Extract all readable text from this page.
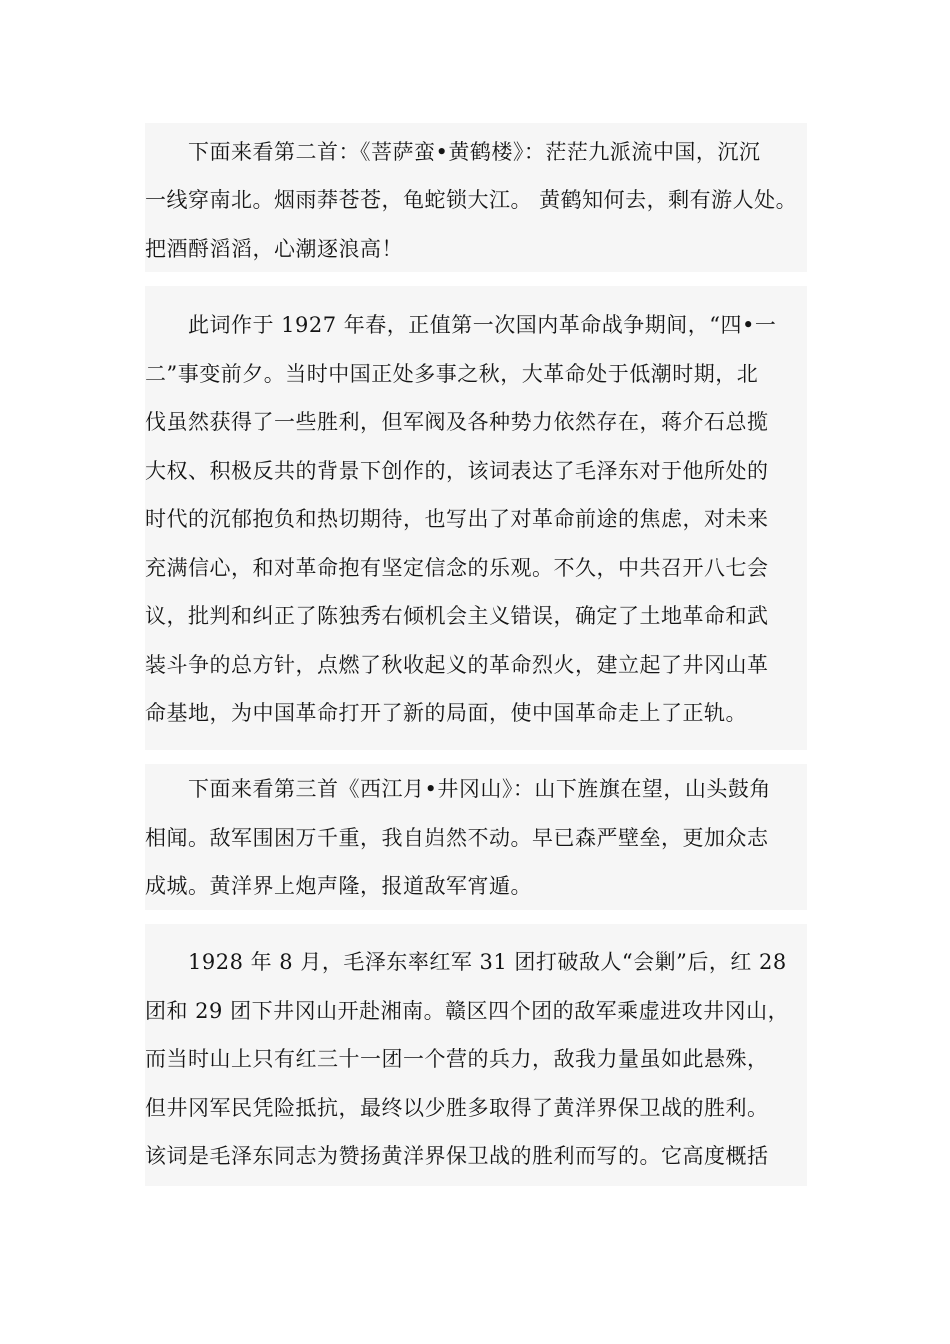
　　下面来看第二首：《菩萨蛮•黄鹤楼》：茫茫九派流中国，沉沉
一线穿南北。烟雨莽苍苍，龟蛇锁大江。 黄鹤知何去，剩有游人处。
把酒酹滔滔，心潮逐浪高！
　　此词作于 1927 年春，正值第一次国内革命战争期间，“四•一
二”事变前夕。当时中国正处多事之秋，大革命处于低潮时期，北
伐虽然获得了一些胜利，但军阀及各种势力依然存在，蒋介石总揽
大权、积极反共的背景下创作的，该词表达了毛泽东对于他所处的
时代的沉郁抱负和热切期待，也写出了对革命前途的焦虑，对未来
充满信心，和对革命抱有坚定信念的乐观。不久，中共召开八七会
议，批判和纠正了陈独秀右倾机会主义错误，确定了土地革命和武
装斗争的总方针，点燃了秋收起义的革命烈火，建立起了井冈山革
命基地，为中国革命打开了新的局面，使中国革命走上了正轨。
　　下面来看第三首《西江月•井冈山》：山下旌旗在望，山头鼓角
相闻。敌军围困万千重，我自岿然不动。早已森严壁垒，更加众志
成城。黄洋界上炮声隆，报道敌军宵遁。
　　1928 年 8 月，毛泽东率红军 31 团打破敌人“会剿”后，红 28
团和 29 团下井冈山开赴湘南。赣区四个团的敌军乘虚进攻井冈山，
而当时山上只有红三十一团一个营的兵力，敌我力量虽如此悬殊，
但井冈军民凭险抵抗，最终以少胜多取得了黄洋界保卫战的胜利。
该词是毛泽东同志为赞扬黄洋界保卫战的胜利而写的。它高度概括
